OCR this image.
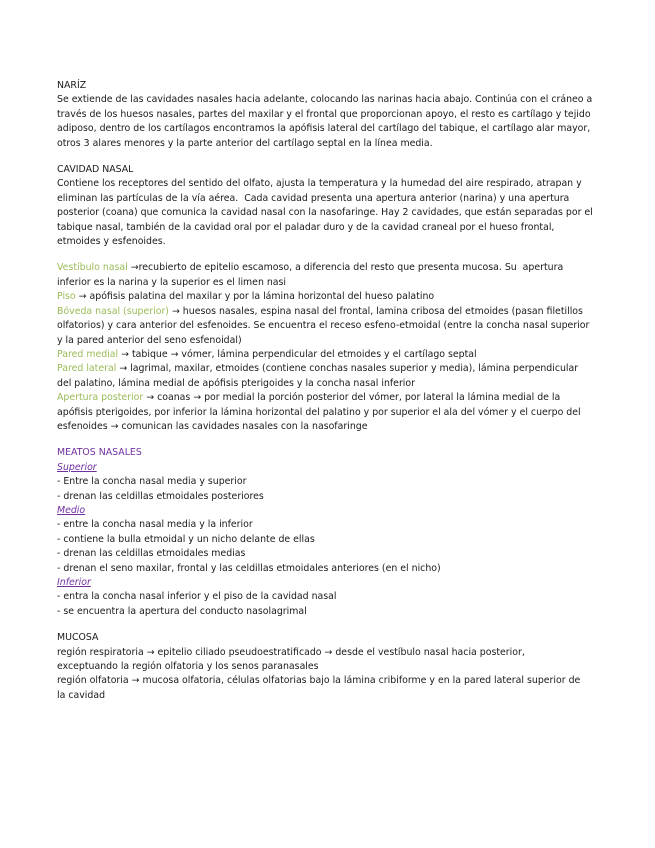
NARÍZ
Se extiende de las cavidades nasales hacia adelante, colocando las narinas hacia abajo. Continúa con el cráneo a
través de los huesos nasales, partes del maxilar y el frontal que proporcionan apoyo, el resto es cartílago y tejido
adiposo, dentro de los cartílagos encontramos la apófisis lateral del cartílago del tabique, el cartílago alar mayor,
otros 3 alares menores y la parte anterior del cartílago septal en la línea media.
CAVIDAD NASAL
Contiene los receptores del sentido del olfato, ajusta la temperatura y la humedad del aire respirado, atrapan y
eliminan las partículas de la vía aérea.  Cada cavidad presenta una apertura anterior (narina) y una apertura
posterior (coana) que comunica la cavidad nasal con la nasofaringe. Hay 2 cavidades, que están separadas por el
tabique nasal, también de la cavidad oral por el paladar duro y de la cavidad craneal por el hueso frontal,
etmoides y esfenoides.
Vestíbulo nasal →recubierto de epitelio escamoso, a diferencia del resto que presenta mucosa. Su  apertura
inferior es la narina y la superior es el limen nasi
Piso → apófisis palatina del maxilar y por la lámina horizontal del hueso palatino
Bóveda nasal (superior) → huesos nasales, espina nasal del frontal, lamina cribosa del etmoides (pasan filetillos
olfatorios) y cara anterior del esfenoides. Se encuentra el receso esfeno-etmoidal (entre la concha nasal superior
y la pared anterior del seno esfenoidal)
Pared medial → tabique → vómer, lámina perpendicular del etmoides y el cartílago septal
Pared lateral → lagrimal, maxilar, etmoides (contiene conchas nasales superior y media), lámina perpendicular
del palatino, lámina medial de apófisis pterigoides y la concha nasal inferior
Apertura posterior → coanas → por medial la porción posterior del vómer, por lateral la lámina medial de la
apófisis pterigoides, por inferior la lámina horizontal del palatino y por superior el ala del vómer y el cuerpo del
esfenoides → comunican las cavidades nasales con la nasofaringe
MEATOS NASALES
Superior
- Entre la concha nasal media y superior
- drenan las celdillas etmoidales posteriores
Medio
- entre la concha nasal media y la inferior
- contiene la bulla etmoidal y un nicho delante de ellas
- drenan las celdillas etmoidales medias
- drenan el seno maxilar, frontal y las celdillas etmoidales anteriores (en el nicho)
Inferior
- entra la concha nasal inferior y el piso de la cavidad nasal
- se encuentra la apertura del conducto nasolagrimal
MUCOSA
región respiratoria → epitelio ciliado pseudoestratificado → desde el vestíbulo nasal hacia posterior,
exceptuando la región olfatoria y los senos paranasales
región olfatoria → mucosa olfatoria, células olfatorias bajo la lámina cribiforme y en la pared lateral superior de
la cavidad
